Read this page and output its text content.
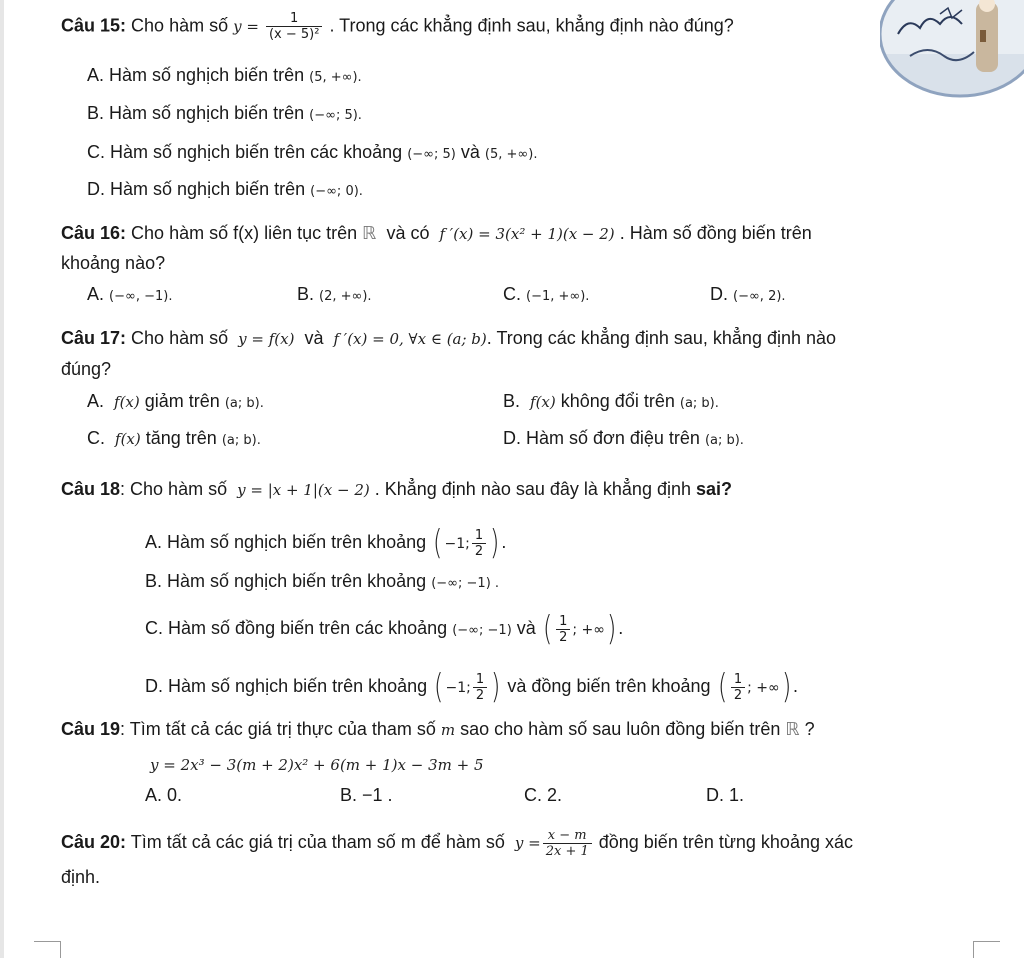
Câu 15: Cho hàm số $y = \frac{1}{\text{(x − 5)²}}$ . Trong các khẳng định sau, khẳng định nào đúng?
A. Hàm số nghịch biến trên (5, +∞).
B. Hàm số nghịch biến trên (−∞; 5).
C. Hàm số nghịch biến trên các khoảng (−∞; 5) và (5, +∞).
D. Hàm số nghịch biến trên (−∞; 0).
Câu 16: Cho hàm số f(x) liên tục trên ℝ và có f ′(x) = 3(x² + 1)(x − 2) . Hàm số đồng biến trên
khoảng nào?
A. (−∞, −1).	B. (2, +∞).	C. (−1, +∞).	D. (−∞, 2).
Câu 17: Cho hàm số y = f(x) và f ′(x) = 0, ∀x ∈ (a; b). Trong các khẳng định sau, khẳng định nào
đúng?
A. f(x) giảm trên (a; b).	B. f(x) không đổi trên (a; b).
C. f(x) tăng trên (a; b).	D. Hàm số đơn điệu trên (a; b).
Câu 18: Cho hàm số y = |x + 1|(x − 2) . Khẳng định nào sau đây là khẳng định sai?
A. Hàm số nghịch biến trên khoảng ( −1; $\frac{1}{2}$ ) .
B. Hàm số nghịch biến trên khoảng (−∞; −1) .
C. Hàm số đồng biến trên các khoảng (−∞; −1) và ( $\frac{1}{2}$ ; +∞) .
D. Hàm số nghịch biến trên khoảng ( −1; $\frac{1}{2}$ ) và đồng biến trên khoảng ( $\frac{1}{2}$ ; +∞) .
Câu 19: Tìm tất cả các giá trị thực của tham số m sao cho hàm số sau luôn đồng biến trên ℝ ?
y = 2x³ − 3(m + 2)x² + 6(m + 1)x − 3m + 5
A. 0.	B. −1 .	C. 2.	D. 1.
Câu 20: Tìm tất cả các giá trị của tham số m để hàm số $y = \frac{x - m}{2x + 1}$ đồng biến trên từng khoảng xác
định.
